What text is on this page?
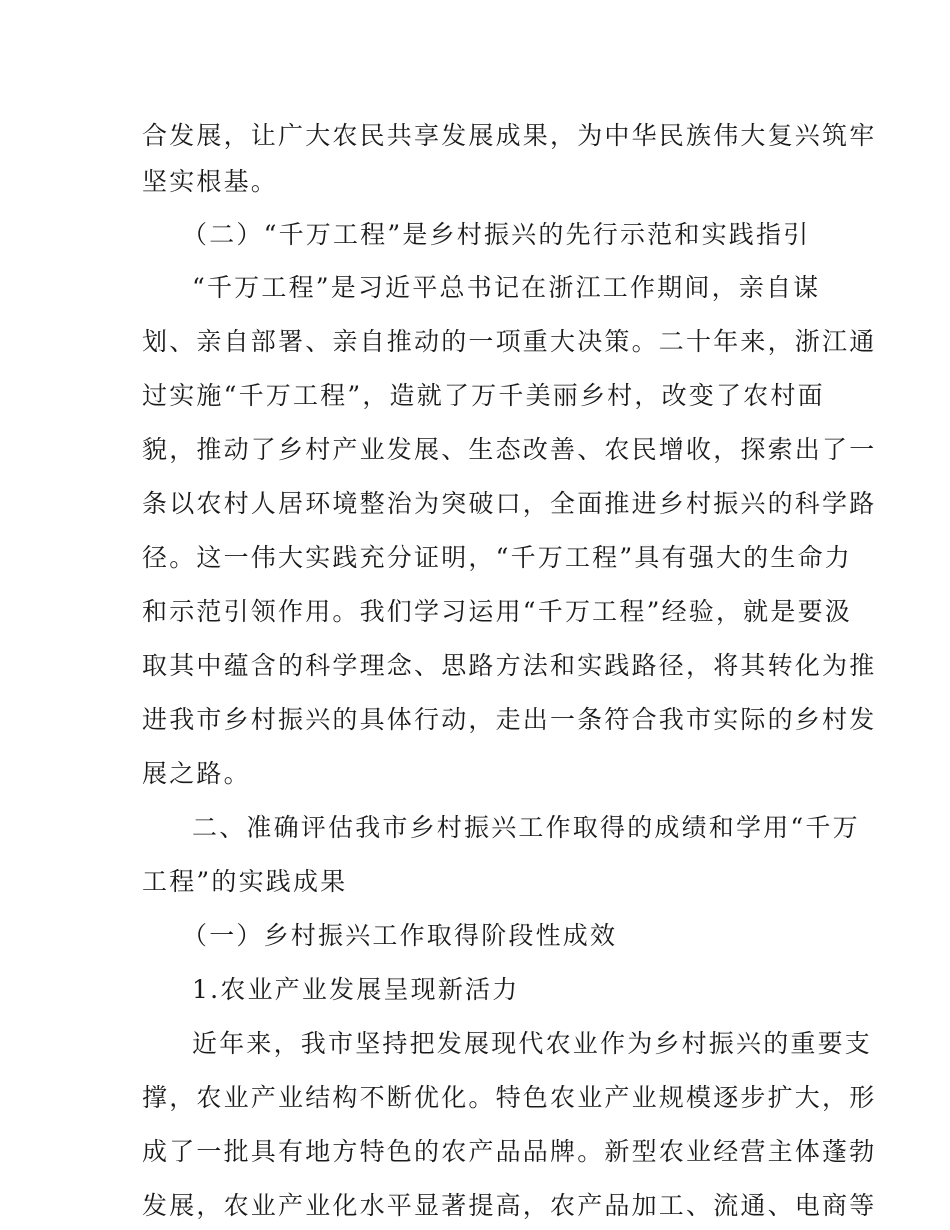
合发展，让广大农民共享发展成果，为中华民族伟大复兴筑牢
坚实根基。
（二）“千万工程”是乡村振兴的先行示范和实践指引
“千万工程”是习近平总书记在浙江工作期间，亲自谋
划、亲自部署、亲自推动的一项重大决策。二十年来，浙江通
过实施“千万工程”，造就了万千美丽乡村，改变了农村面
貌，推动了乡村产业发展、生态改善、农民增收，探索出了一
条以农村人居环境整治为突破口，全面推进乡村振兴的科学路
径。这一伟大实践充分证明，“千万工程”具有强大的生命力
和示范引领作用。我们学习运用“千万工程”经验，就是要汲
取其中蕴含的科学理念、思路方法和实践路径，将其转化为推
进我市乡村振兴的具体行动，走出一条符合我市实际的乡村发
展之路。
二、准确评估我市乡村振兴工作取得的成绩和学用“千万
工程”的实践成果
（一）乡村振兴工作取得阶段性成效
1.农业产业发展呈现新活力
近年来，我市坚持把发展现代农业作为乡村振兴的重要支
撑，农业产业结构不断优化。特色农业产业规模逐步扩大，形
成了一批具有地方特色的农产品品牌。新型农业经营主体蓬勃
发展，农业产业化水平显著提高，农产品加工、流通、电商等
